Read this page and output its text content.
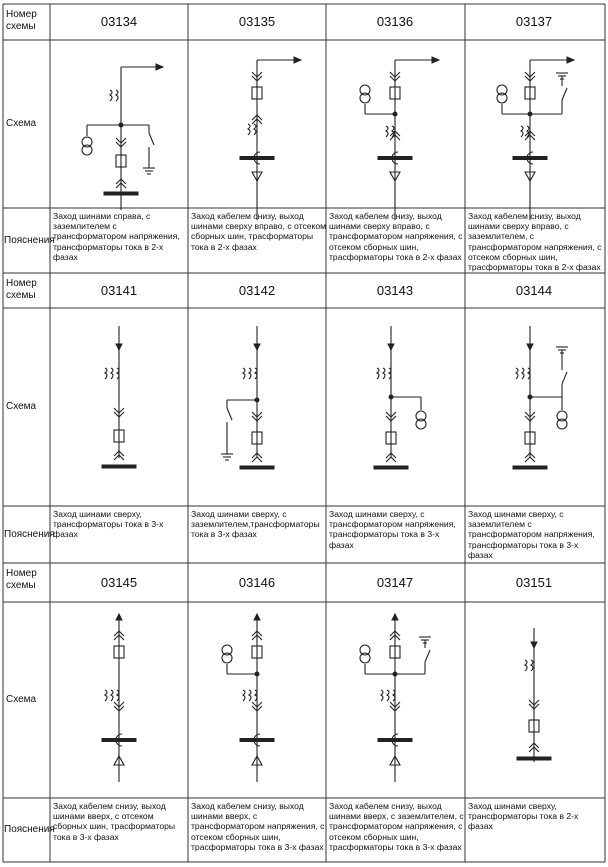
Номер схемы
Схема
Пояснения
03134
Заход шинами справа, с заземлителем с трансформатором напряжения, трансформаторы тока в 2-х фазах
03135
Заход кабелем снизу, выход шинами сверху вправо, с отсеком сборных шин, трасформаторы тока в 2-х фазах
03136
Заход кабелем снизу, выход шинами сверху вправо, с трансформатором напряжения, с отсеком сборных шин, трасформаторы тока в 2-х фазах
03137
Заход кабелем снизу, выход шинами сверху вправо, с заземлителем, с трансформатором напряжения, с отсеком сборных шин, трасформаторы тока в 2-х фазах
Номер схемы
Схема
Пояснения
03141
Заход шинами сверху, трансформаторы тока в 3-х фазах
03142
Заход шинами сверху, с заземлителем,трансформаторы тока в 3-х фазах
03143
Заход шинами сверху, с трансформатором напряжения, трансформаторы тока в 3-х фазах
03144
Заход шинами сверху, с заземлителем с трансформатором напряжения, трансформаторы тока в 3-х фазах
Номер схемы
Схема
Пояснения
03145
Заход кабелем снизу, выход шинами вверх, с отсеком сборных шин, трасформаторы тока в 3-х фазах
03146
Заход кабелем снизу, выход шинами вверх, с трансформатором напряжения, с отсеком сборных шин, трасформаторы тока в 3-х фазах
03147
Заход кабелем снизу, выход шинами вверх, с заземлителем, с трансформатором напряжения, с отсеком сборных шин, трасформаторы тока в 3-х фазах
03151
Заход шинами сверху, трансформаторы тока в 2-х фазах
